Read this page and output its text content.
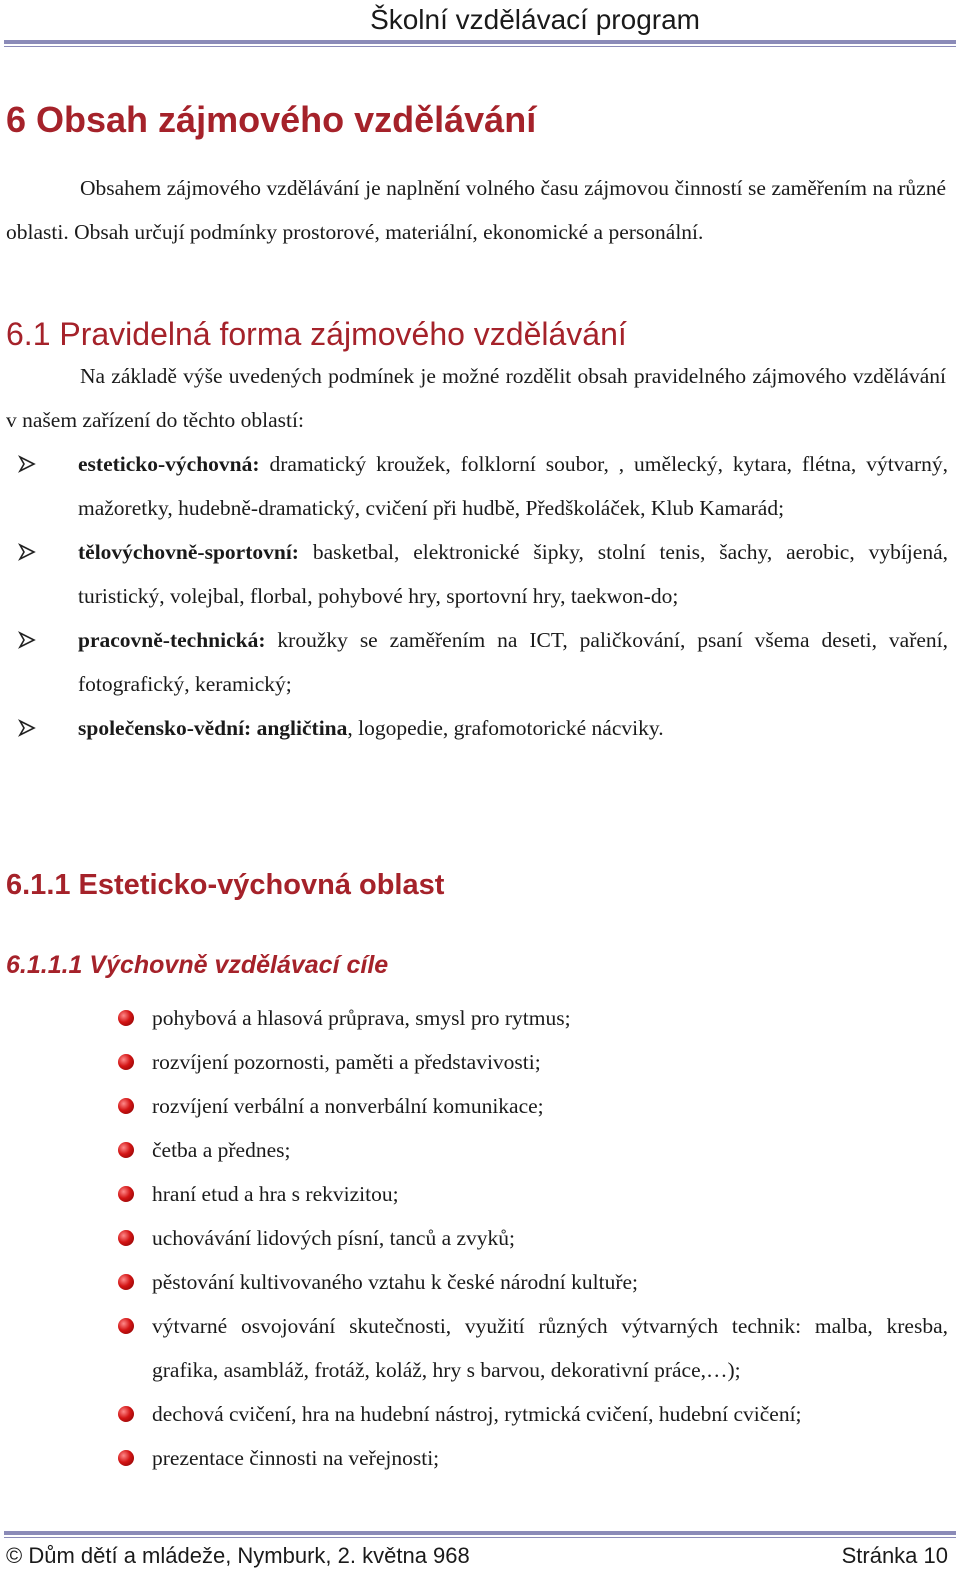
Školní vzdělávací program
6 Obsah zájmového vzdělávání
Obsahem zájmového vzdělávání je naplnění volného času zájmovou činností se zaměřením na různé oblasti. Obsah určují podmínky prostorové, materiální, ekonomické a personální.
6.1 Pravidelná forma zájmového vzdělávání
Na základě výše uvedených podmínek je možné rozdělit obsah pravidelného zájmového vzdělávání v našem zařízení do těchto oblastí:
esteticko-výchovná: dramatický kroužek, folklorní soubor, , umělecký, kytara, flétna, výtvarný, mažoretky, hudebně-dramatický, cvičení při hudbě, Předškoláček, Klub Kamarád;
tělovýchovně-sportovní: basketbal, elektronické šipky, stolní tenis, šachy, aerobic, vybíjená, turistický, volejbal, florbal, pohybové hry, sportovní hry, taekwon-do;
pracovně-technická: kroužky se zaměřením na ICT, paličkování, psaní všema deseti, vaření, fotografický, keramický;
společensko-vědní: angličtina, logopedie, grafomotorické nácviky.
6.1.1 Esteticko-výchovná oblast
6.1.1.1 Výchovně vzdělávací cíle
pohybová a hlasová průprava, smysl pro rytmus;
rozvíjení pozornosti, paměti a představivosti;
rozvíjení verbální a nonverbální komunikace;
četba a přednes;
hraní etud a hra s rekvizitou;
uchovávání lidových písní, tanců a zvyků;
pěstování kultivovaného vztahu k české národní kultuře;
výtvarné osvojování skutečnosti, využití různých výtvarných technik: malba, kresba, grafika, asambláž, frotáž, koláž, hry s barvou, dekorativní práce,…);
dechová cvičení, hra na hudební nástroj, rytmická cvičení, hudební cvičení;
prezentace činnosti na veřejnosti;
© Dům dětí a mládeže, Nymburk, 2. května 968	Stránka 10
